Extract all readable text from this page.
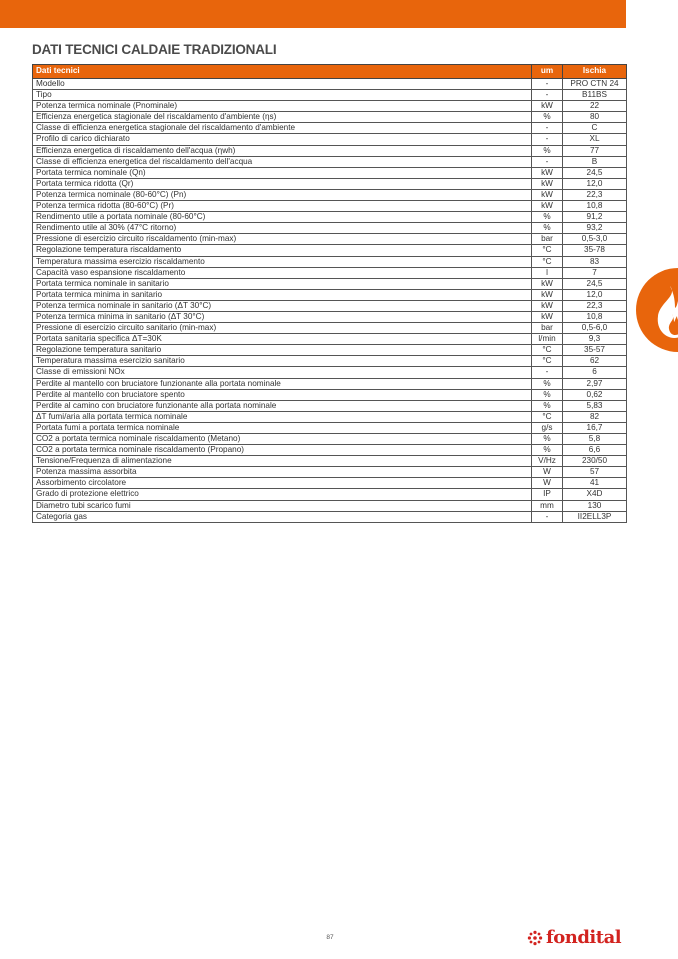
DATI TECNICI CALDAIE TRADIZIONALI
Dati tecnici	um	Ischia
Modello	-	PRO CTN 24
Tipo	-	B11BS
Potenza termica nominale (Pnominale)	kW	22
Efficienza energetica stagionale del riscaldamento d'ambiente (ηs)	%	80
Classe di efficienza energetica stagionale del riscaldamento d'ambiente	-	C
Profilo di carico dichiarato	-	XL
Efficienza energetica di riscaldamento dell'acqua (ηwh)	%	77
Classe di efficienza energetica del riscaldamento dell'acqua	-	B
Portata termica nominale (Qn)	kW	24,5
Portata termica ridotta (Qr)	kW	12,0
Potenza termica nominale (80-60°C) (Pn)	kW	22,3
Potenza termica ridotta (80-60°C) (Pr)	kW	10,8
Rendimento utile a portata nominale (80-60°C)	%	91,2
Rendimento utile al 30% (47°C ritorno)	%	93,2
Pressione di esercizio circuito riscaldamento (min-max)	bar	0,5-3,0
Regolazione temperatura riscaldamento	°C	35-78
Temperatura massima esercizio riscaldamento	°C	83
Capacità vaso espansione riscaldamento	l	7
Portata termica nominale in sanitario	kW	24,5
Portata termica minima in sanitario	kW	12,0
Potenza termica nominale in sanitario (ΔT 30°C)	kW	22,3
Potenza termica minima in sanitario (ΔT 30°C)	kW	10,8
Pressione di esercizio circuito sanitario (min-max)	bar	0,5-6,0
Portata sanitaria specifica ΔT=30K	l/min	9,3
Regolazione temperatura sanitario	°C	35-57
Temperatura massima esercizio sanitario	°C	62
Classe di emissioni NOx	-	6
Perdite al mantello con bruciatore funzionante alla portata nominale	%	2,97
Perdite al mantello con bruciatore spento	%	0,62
Perdite al camino con bruciatore funzionante alla portata nominale	%	5,83
ΔT fumi/aria alla portata termica nominale	°C	82
Portata fumi a portata termica nominale	g/s	16,7
CO2 a portata termica nominale riscaldamento (Metano)	%	5,8
CO2 a portata termica nominale riscaldamento (Propano)	%	6,6
Tensione/Frequenza di alimentazione	V/Hz	230/50
Potenza massima assorbita	W	57
Assorbimento circolatore	W	41
Grado di protezione elettrico	IP	X4D
Diametro tubi scarico fumi	mm	130
Categoria gas	-	II2ELL3P
87	fondital
